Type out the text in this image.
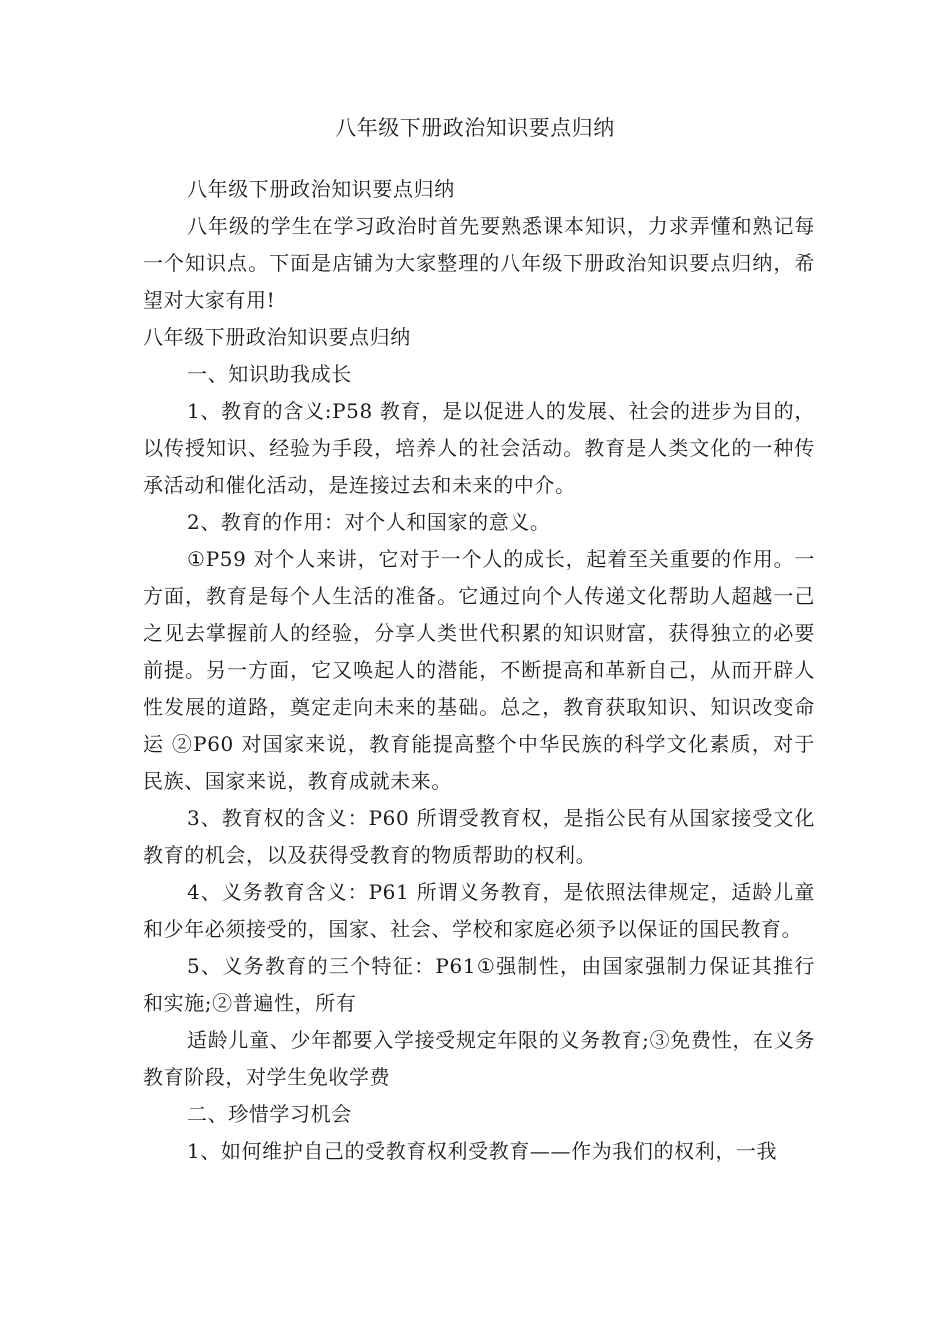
八年级下册政治知识要点归纳

八年级下册政治知识要点归纳

八年级的学生在学习政治时首先要熟悉课本知识，力求弄懂和熟记每一个知识点。下面是店铺为大家整理的八年级下册政治知识要点归纳，希望对大家有用!

八年级下册政治知识要点归纳

一、知识助我成长

1、教育的含义:P58 教育，是以促进人的发展、社会的进步为目的，以传授知识、经验为手段，培养人的社会活动。教育是人类文化的一种传承活动和催化活动，是连接过去和未来的中介。

2、教育的作用：对个人和国家的意义。

①P59 对个人来讲，它对于一个人的成长，起着至关重要的作用。一方面，教育是每个人生活的准备。它通过向个人传递文化帮助人超越一己之见去掌握前人的经验，分享人类世代积累的知识财富，获得独立的必要前提。另一方面，它又唤起人的潜能，不断提高和革新自己，从而开辟人性发展的道路，奠定走向未来的基础。总之，教育获取知识、知识改变命运 ②P60 对国家来说，教育能提高整个中华民族的科学文化素质，对于民族、国家来说，教育成就未来。

3、教育权的含义：P60 所谓受教育权，是指公民有从国家接受文化教育的机会，以及获得受教育的物质帮助的权利。

4、义务教育含义：P61 所谓义务教育，是依照法律规定，适龄儿童和少年必须接受的，国家、社会、学校和家庭必须予以保证的国民教育。

5、义务教育的三个特征：P61①强制性，由国家强制力保证其推行和实施;②普遍性，所有

适龄儿童、少年都要入学接受规定年限的义务教育;③免费性，在义务教育阶段，对学生免收学费

二、珍惜学习机会

1、如何维护自己的受教育权利受教育——作为我们的权利，一我
